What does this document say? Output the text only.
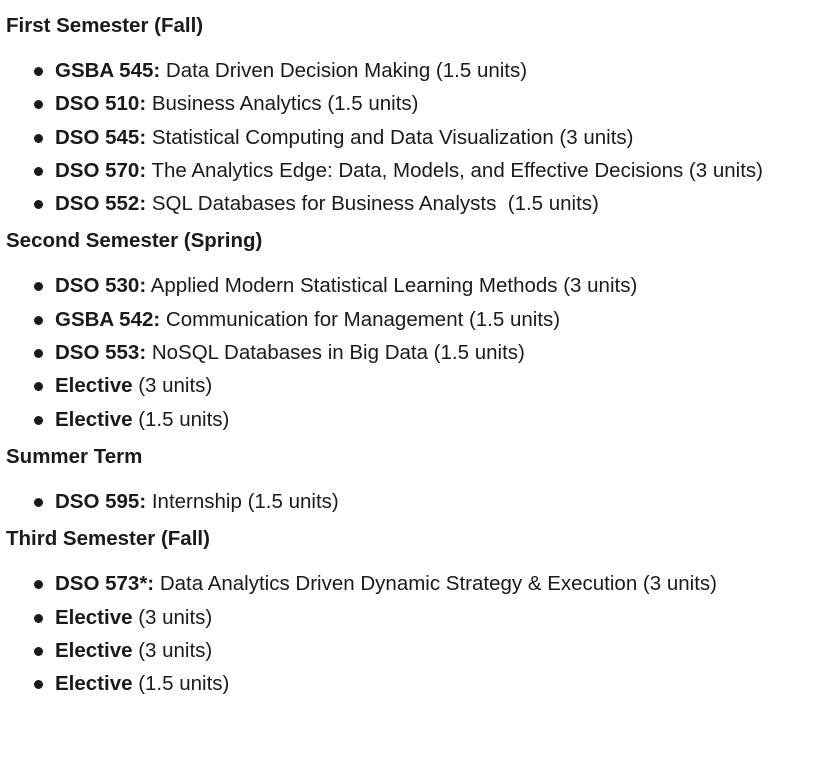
First Semester (Fall)
GSBA 545: Data Driven Decision Making (1.5 units)
DSO 510: Business Analytics (1.5 units)
DSO 545: Statistical Computing and Data Visualization (3 units)
DSO 570: The Analytics Edge: Data, Models, and Effective Decisions (3 units)
DSO 552: SQL Databases for Business Analysts  (1.5 units)
Second Semester (Spring)
DSO 530: Applied Modern Statistical Learning Methods (3 units)
GSBA 542: Communication for Management (1.5 units)
DSO 553: NoSQL Databases in Big Data (1.5 units)
Elective (3 units)
Elective (1.5 units)
Summer Term
DSO 595: Internship (1.5 units)
Third Semester (Fall)
DSO 573*: Data Analytics Driven Dynamic Strategy & Execution (3 units)
Elective (3 units)
Elective (3 units)
Elective (1.5 units)
